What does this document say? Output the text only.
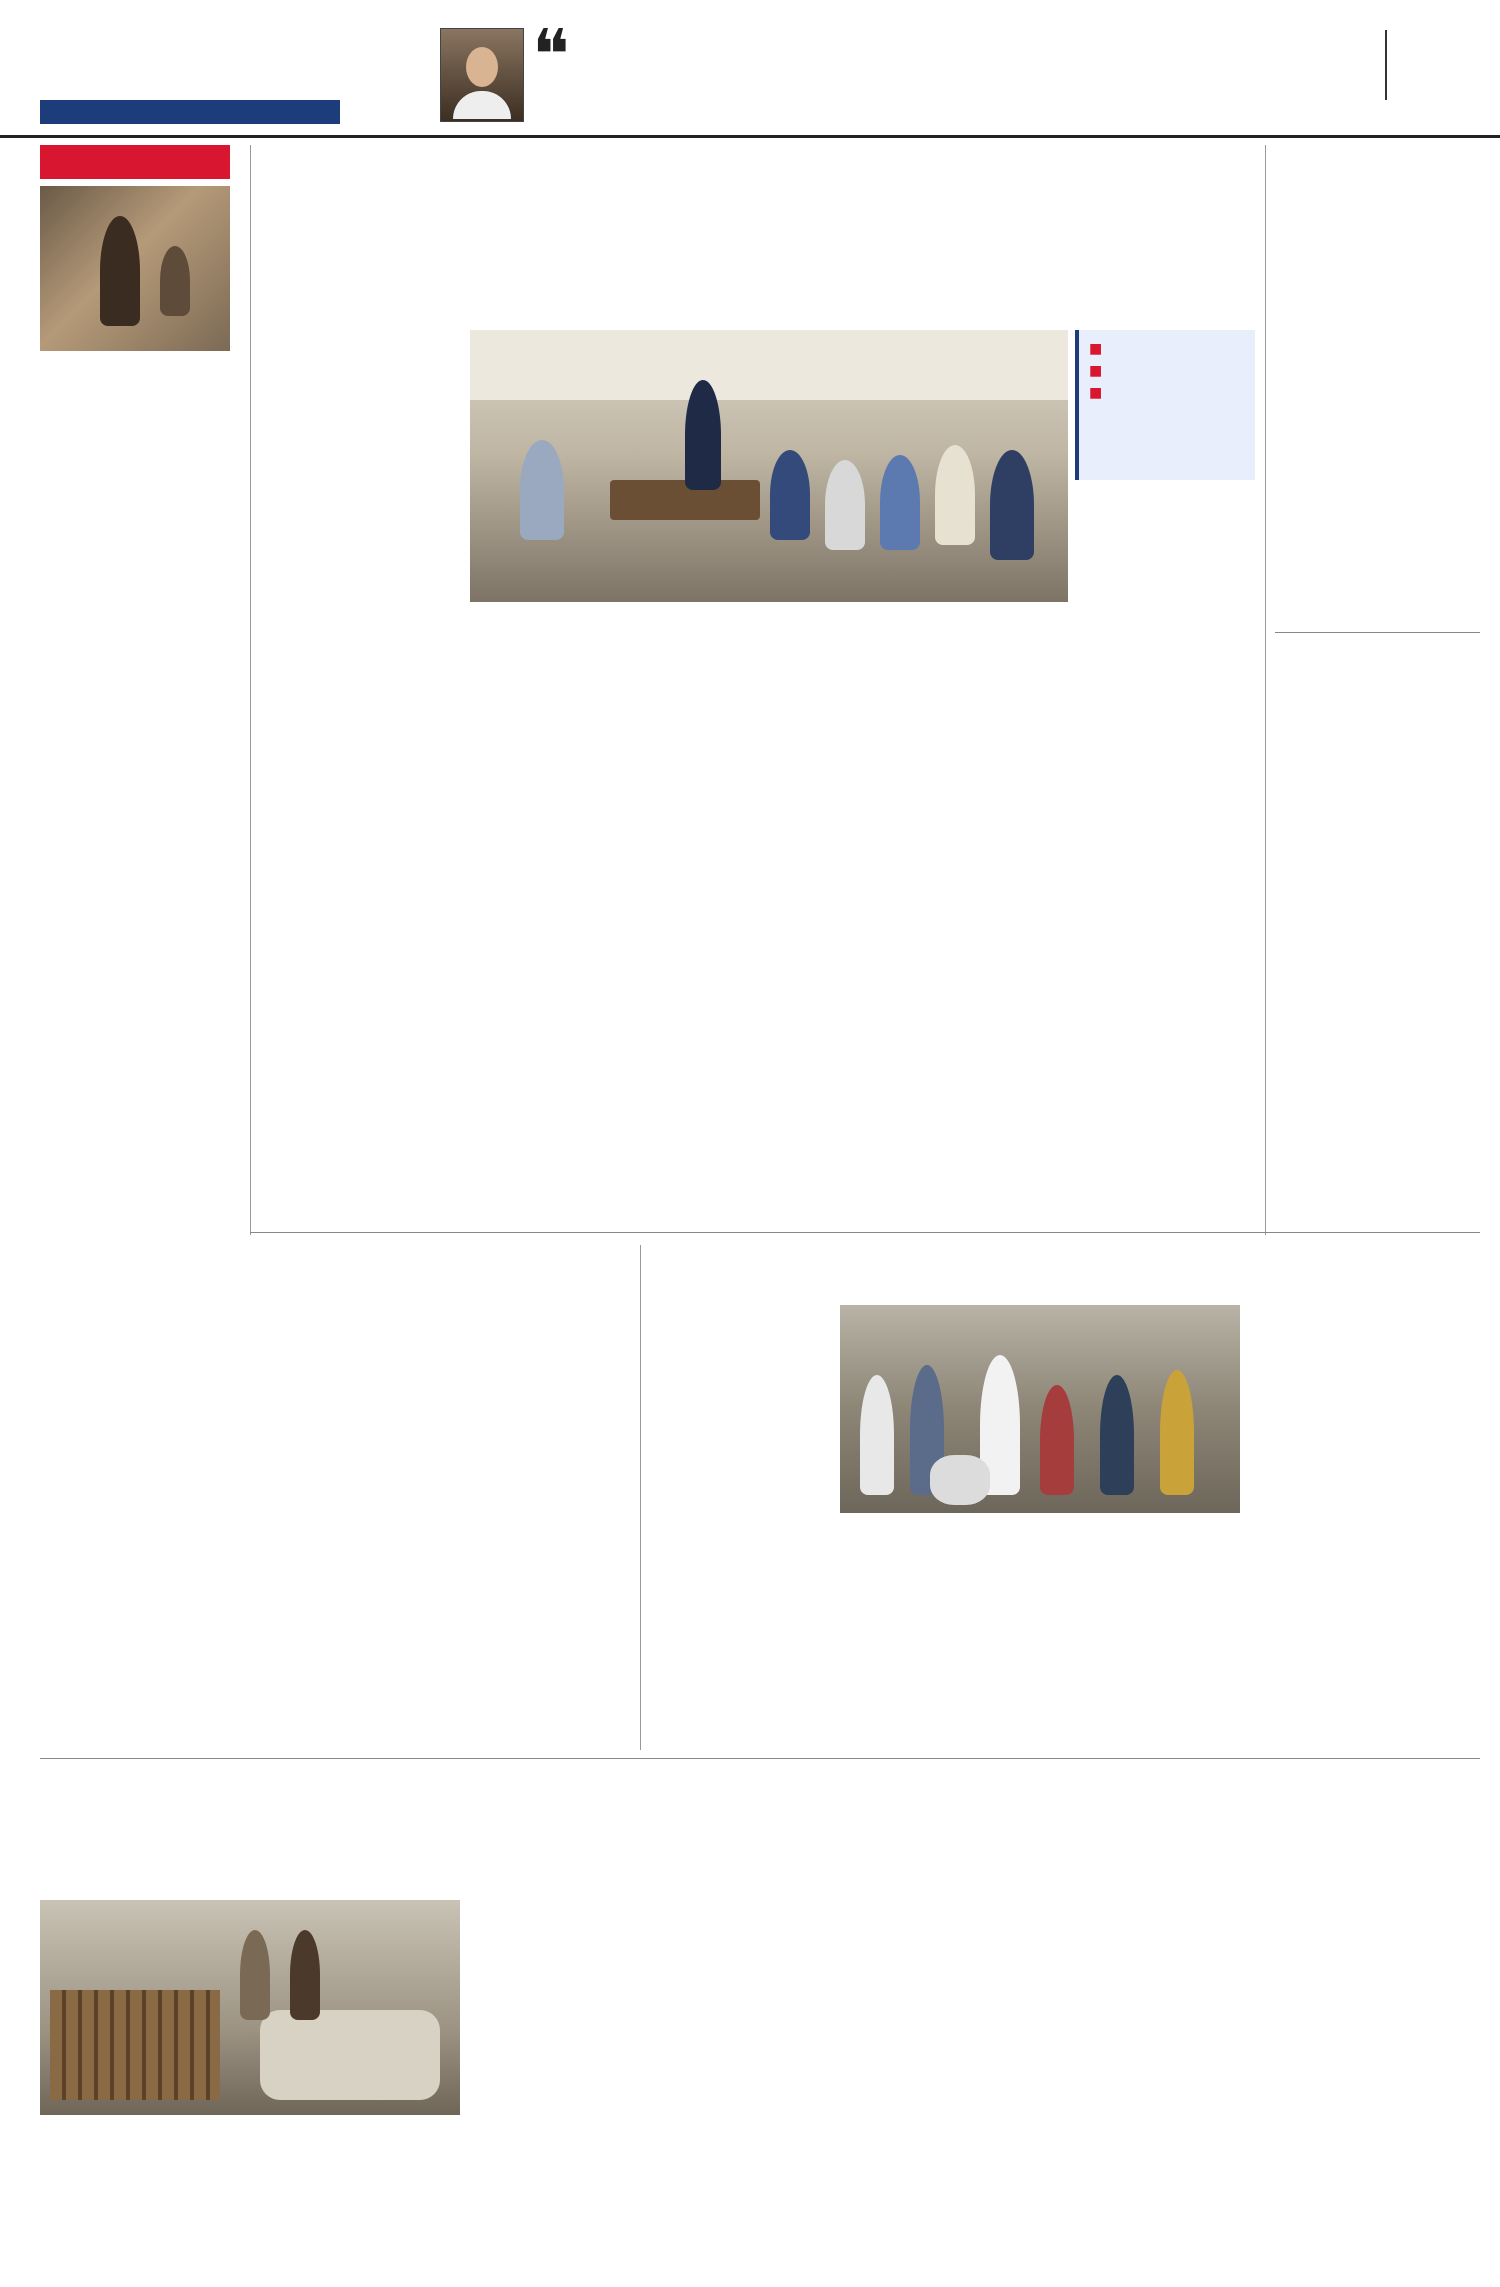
❝
■
■
■
